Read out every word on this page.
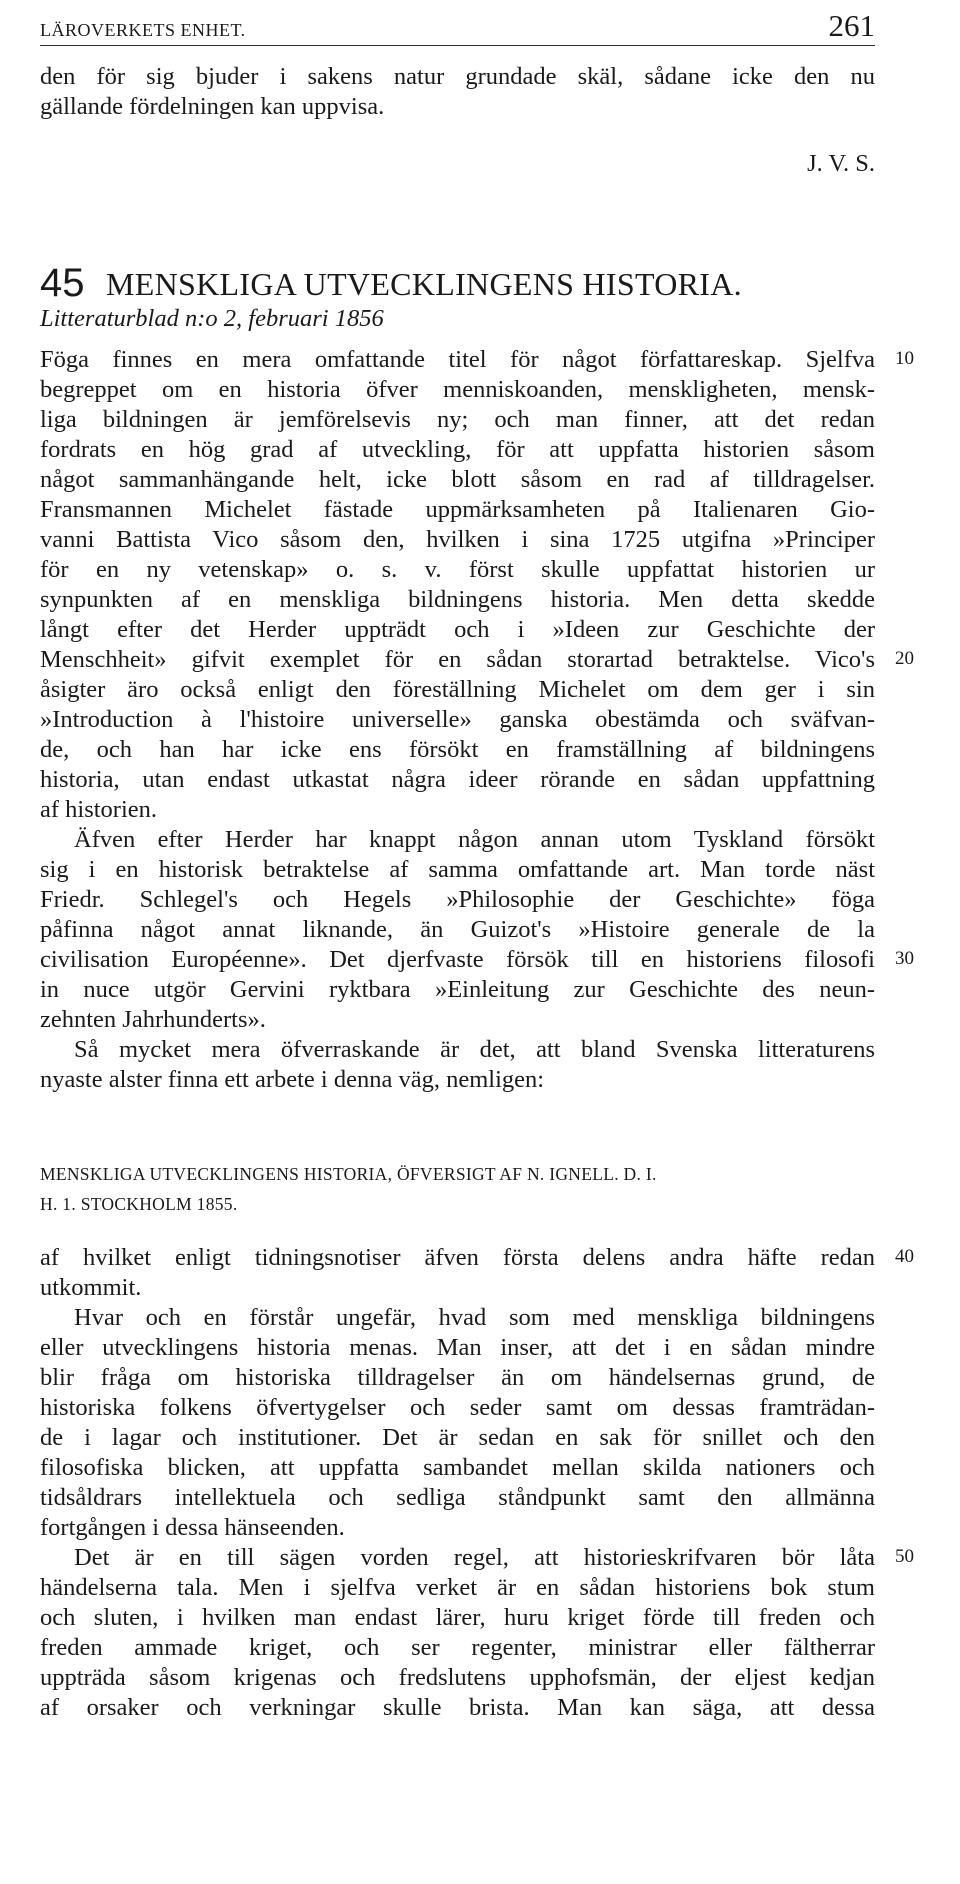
LÄROVERKETS ENHET.	261
den för sig bjuder i sakens natur grundade skäl, sådane icke den nu
gällande fördelningen kan uppvisa.
J. V. S.
45 MENSKLIGA UTVECKLINGENS HISTORIA.
Litteraturblad n:o 2, februari 1856
Föga finnes en mera omfattande titel för något författareskap. Sjelfva
begreppet om en historia öfver menniskoanden, menskligheten, mensk-
liga bildningen är jemförelsevis ny; och man finner, att det redan
fordrats en hög grad af utveckling, för att uppfatta historien såsom
något sammanhängande helt, icke blott såsom en rad af tilldragelser.
Fransmannen Michelet fästade uppmärksamheten på Italienaren Gio-
vanni Battista Vico såsom den, hvilken i sina 1725 utgifna »Principer
för en ny vetenskap» o. s. v. först skulle uppfattat historien ur
synpunkten af en menskliga bildningens historia. Men detta skedde
långt efter det Herder uppträdt och i »Ideen zur Geschichte der
Menschheit» gifvit exemplet för en sådan storartad betraktelse. Vico's
åsigter äro också enligt den föreställning Michelet om dem ger i sin
»Introduction à l'histoire universelle» ganska obestämda och sväfvan-
de, och han har icke ens försökt en framställning af bildningens
historia, utan endast utkastat några ideer rörande en sådan uppfattning
af historien.
Äfven efter Herder har knappt någon annan utom Tyskland försökt
sig i en historisk betraktelse af samma omfattande art. Man torde näst
Friedr. Schlegel's och Hegels »Philosophie der Geschichte» föga
påfinna något annat liknande, än Guizot's »Histoire generale de la
civilisation Européenne». Det djerfvaste försök till en historiens filosofi
in nuce utgör Gervini ryktbara »Einleitung zur Geschichte des neun-
zehnten Jahrhunderts».
Så mycket mera öfverraskande är det, att bland Svenska litteraturens
nyaste alster finna ett arbete i denna väg, nemligen:
MENSKLIGA UTVECKLINGENS HISTORIA, ÖFVERSIGT AF N. IGNELL. D. I.
H. 1. STOCKHOLM 1855.
af hvilket enligt tidningsnotiser äfven första delens andra häfte redan
utkommit.
Hvar och en förstår ungefär, hvad som med menskliga bildningens
eller utvecklingens historia menas. Man inser, att det i en sådan mindre
blir fråga om historiska tilldragelser än om händelsernas grund, de
historiska folkens öfvertygelser och seder samt om dessas framträdan-
de i lagar och institutioner. Det är sedan en sak för snillet och den
filosofiska blicken, att uppfatta sambandet mellan skilda nationers och
tidsåldrars intellektuela och sedliga ståndpunkt samt den allmänna
fortgången i dessa hänseenden.
Det är en till sägen vorden regel, att historieskrifvaren bör låta
händelserna tala. Men i sjelfva verket är en sådan historiens bok stum
och sluten, i hvilken man endast lärer, huru kriget förde till freden och
freden ammade kriget, och ser regenter, ministrar eller fältherrar
uppträda såsom krigenas och fredslutens upphofsmän, der eljest kedjan
af orsaker och verkningar skulle brista. Man kan säga, att dessa
10
20
30
40
50
